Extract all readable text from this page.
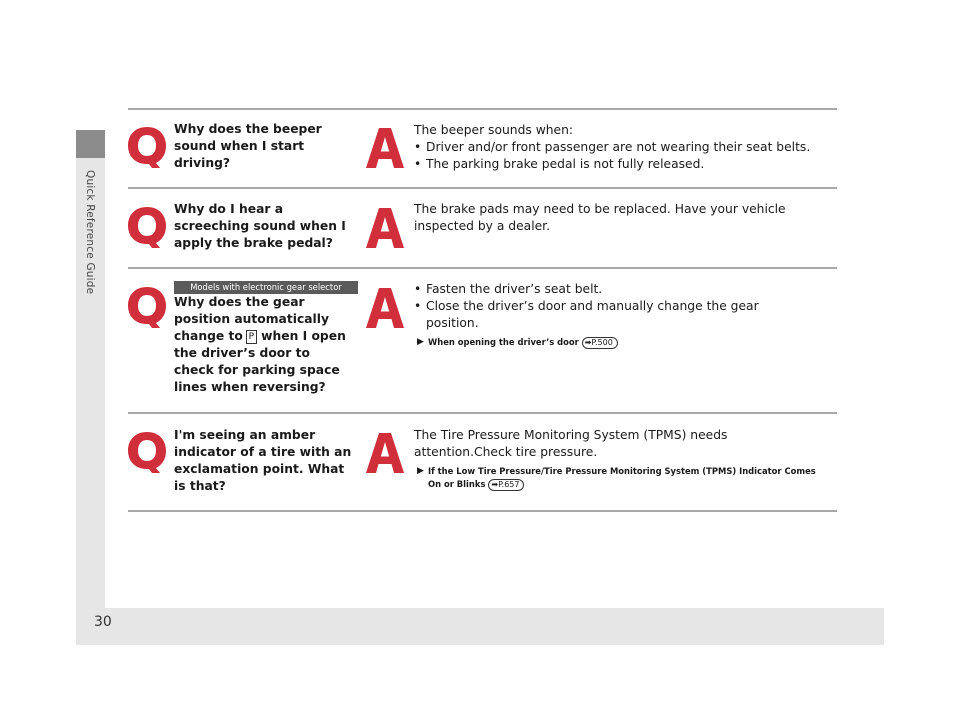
Quick Reference Guide
30
Why does the beeper sound when I start driving?
The beeper sounds when:
• Driver and/or front passenger are not wearing their seat belts.
• The parking brake pedal is not fully released.
Why do I hear a screeching sound when I apply the brake pedal?
The brake pads may need to be replaced. Have your vehicle inspected by a dealer.
Models with electronic gear selector
Why does the gear position automatically change to P when I open the driver’s door to check for parking space lines when reversing?
• Fasten the driver’s seat belt.
• Close the driver’s door and manually change the gear position.
▶ When opening the driver’s door ➡P.500
I'm seeing an amber indicator of a tire with an exclamation point. What is that?
The Tire Pressure Monitoring System (TPMS) needs attention.Check tire pressure.
▶ If the Low Tire Pressure/Tire Pressure Monitoring System (TPMS) Indicator Comes On or Blinks ➡P.657
